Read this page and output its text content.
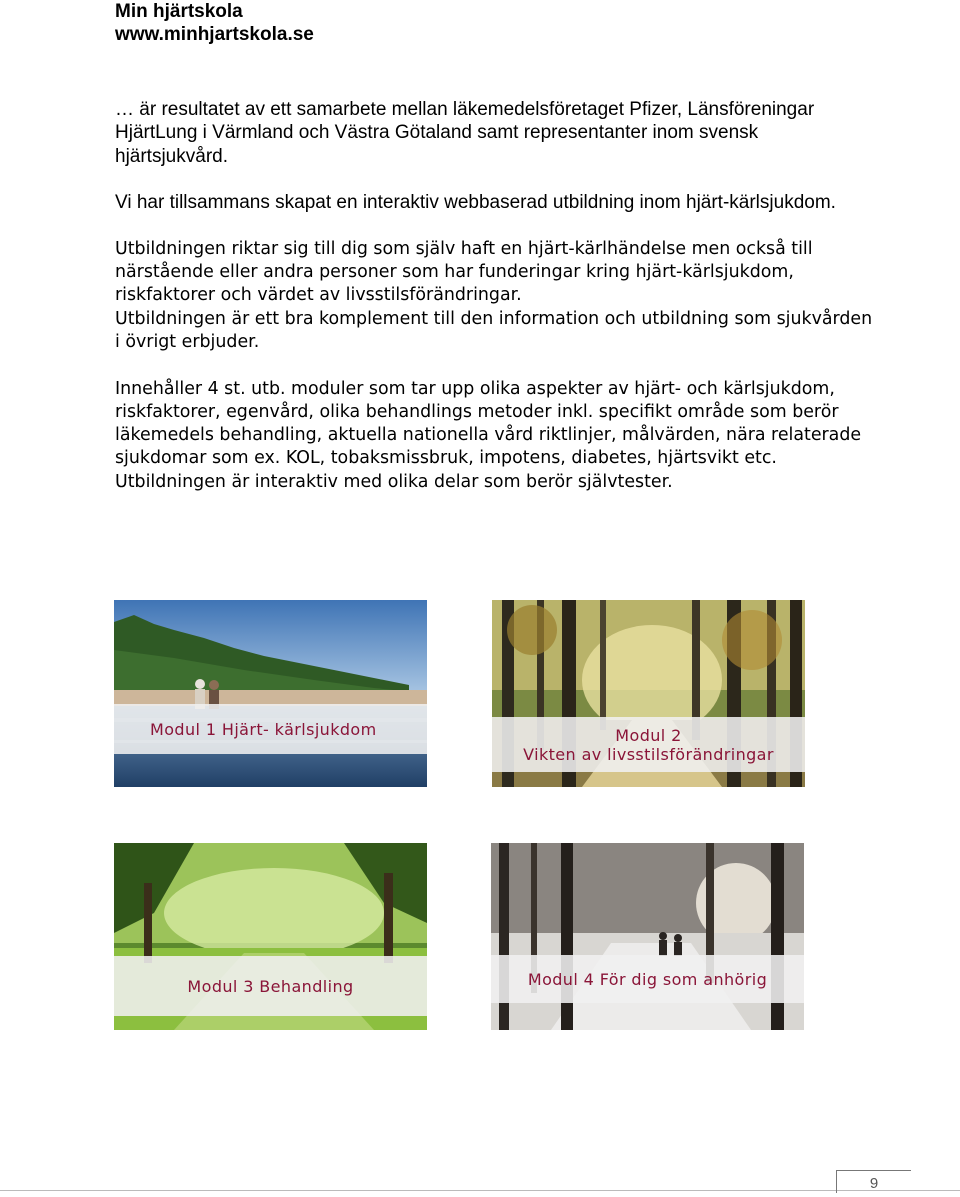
Min hjärtskola
www.minhjartskola.se

… är resultatet av ett samarbete mellan läkemedelsföretaget Pfizer, Länsföreningar HjärtLung i Värmland och Västra Götaland samt representanter inom svensk hjärtsjukvård.

Vi har tillsammans skapat en interaktiv webbaserad utbildning inom hjärt-kärlsjukdom.

Utbildningen riktar sig till dig som själv haft en hjärt-kärlhändelse men också till närstående eller andra personer som har funderingar kring hjärt-kärlsjukdom, riskfaktorer och värdet av livsstilsförändringar.

Utbildningen är ett bra komplement till den information och utbildning som sjukvården i övrigt erbjuder.

Innehåller 4 st. utb. moduler som tar upp olika aspekter av hjärt- och kärlsjukdom, riskfaktorer, egenvård, olika behandlings metoder inkl. specifikt område som berör läkemedels behandling, aktuella nationella vård riktlinjer, målvärden, nära relaterade sjukdomar som ex. KOL, tobaksmissbruk, impotens, diabetes, hjärtsvikt etc.

Utbildningen är interaktiv med olika delar som berör självtester.

Modul 1 Hjärt- kärlsjukdom	Modul 2
Vikten av livsstilsförändringar
Modul 3 Behandling	Modul 4 För dig som anhörig
9
